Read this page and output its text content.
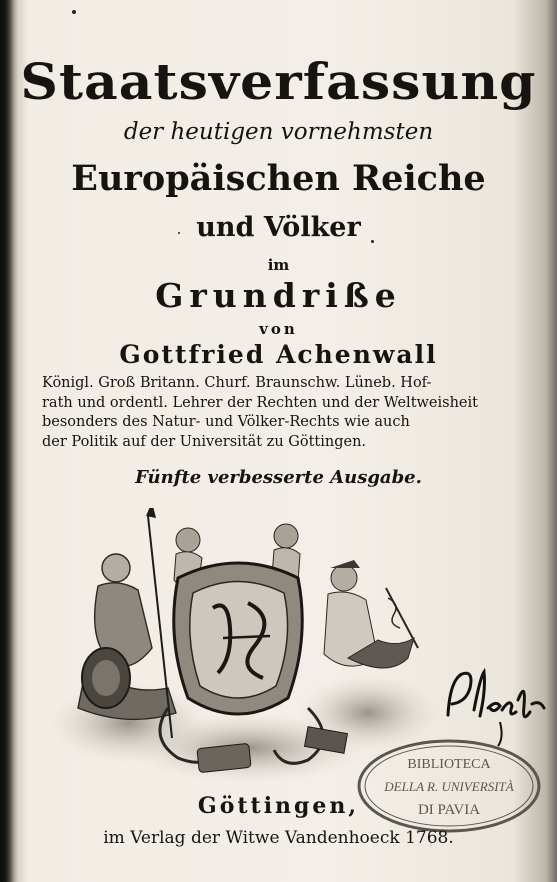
Staatsverfassung
der heutigen vornehmsten
Europäischen Reiche
und Völker
im
Grundriße
von
Gottfried Achenwall
Königl. Groß Britann. Churf. Braunschw. Lüneb. Hof-
rath und ordentl. Lehrer der Rechten und der Weltweisheit
besonders des Natur- und Völker-Rechts wie auch
der Politik auf der Universität zu Göttingen.
Fünfte verbesserte Ausgabe.
BIBLIOTECA
DELLA R. UNIVERSITÀ
DI PAVIA
Göttingen,
im Verlag der Witwe Vandenhoeck 1768.
